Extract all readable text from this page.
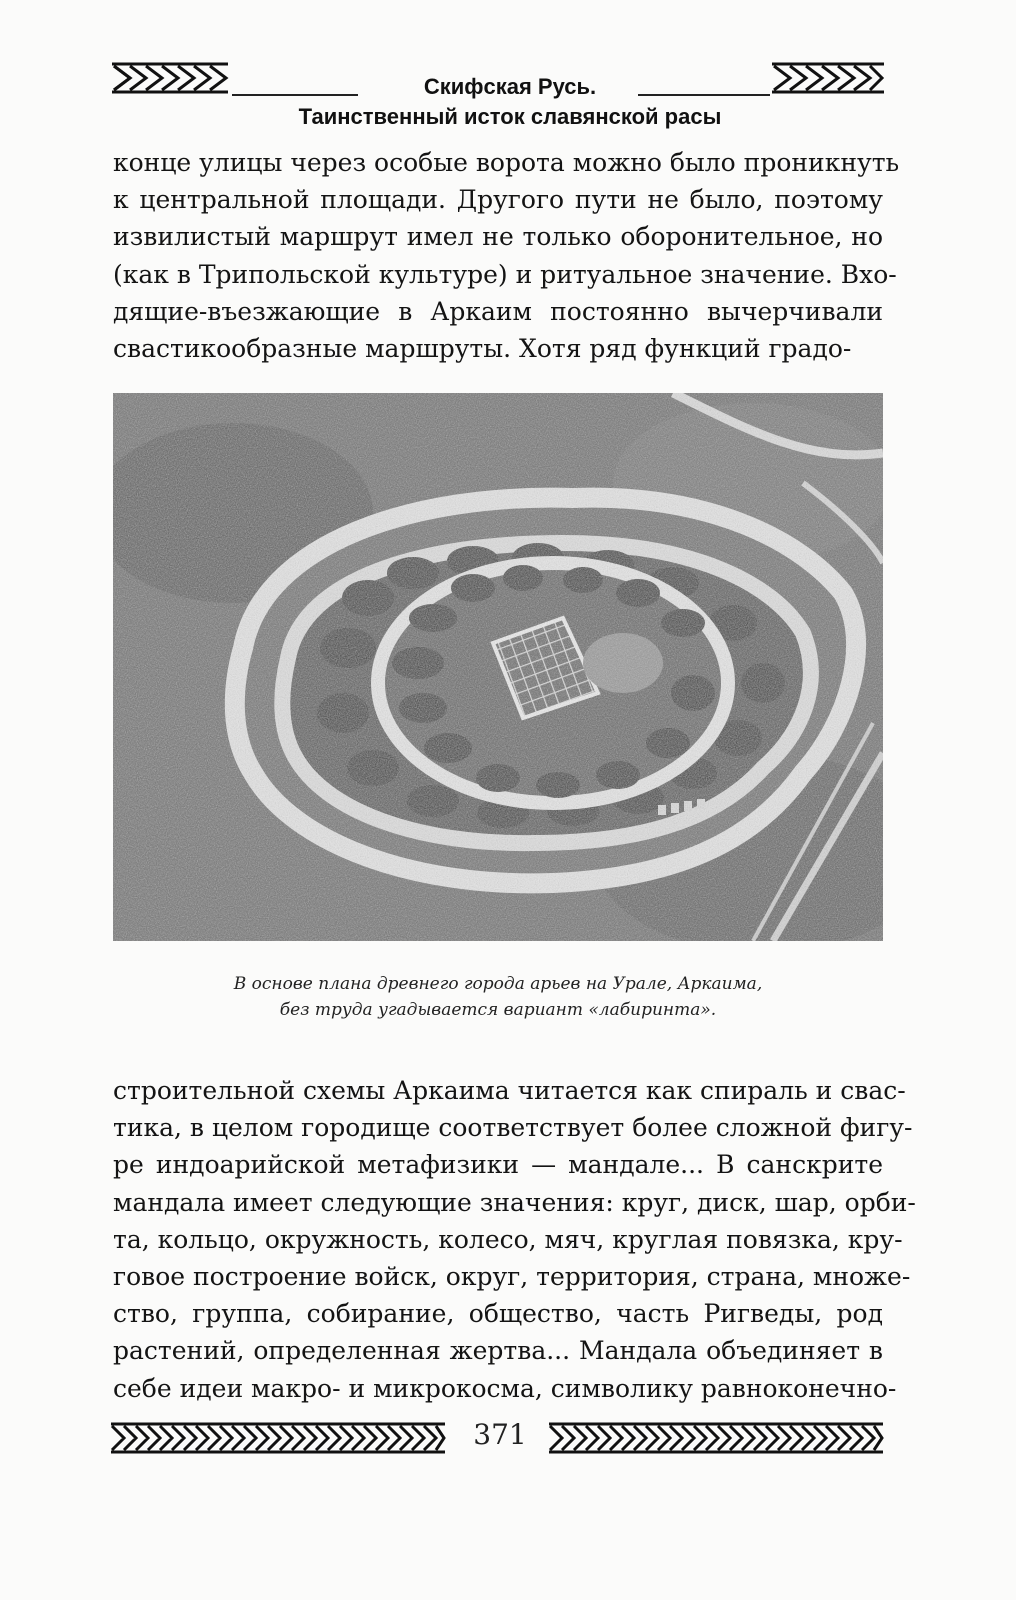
Скифская Русь.
Таинственный исток славянской расы
конце улицы через особые ворота можно было проникнуть
к центральной площади. Другого пути не было, поэтому
извилистый маршрут имел не только оборонительное, но
(как в Трипольской культуре) и ритуальное значение. Вхо-
дящие-въезжающие в Аркаим постоянно вычерчивали
свастикообразные маршруты. Хотя ряд функций градо-
В основе плана древнего города арьев на Урале, Аркаима,
без труда угадывается вариант «лабиринта».
строительной схемы Аркаима читается как спираль и свас-
тика, в целом городище соответствует более сложной фигу-
ре индоарийской метафизики — мандале... В санскрите
мандала имеет следующие значения: круг, диск, шар, орби-
та, кольцо, окружность, колесо, мяч, круглая повязка, кру-
говое построение войск, округ, территория, страна, множе-
ство, группа, собирание, общество, часть Ригведы, род
растений, определенная жертва... Мандала объединяет в
себе идеи макро- и микрокосма, символику равноконечно-
371
